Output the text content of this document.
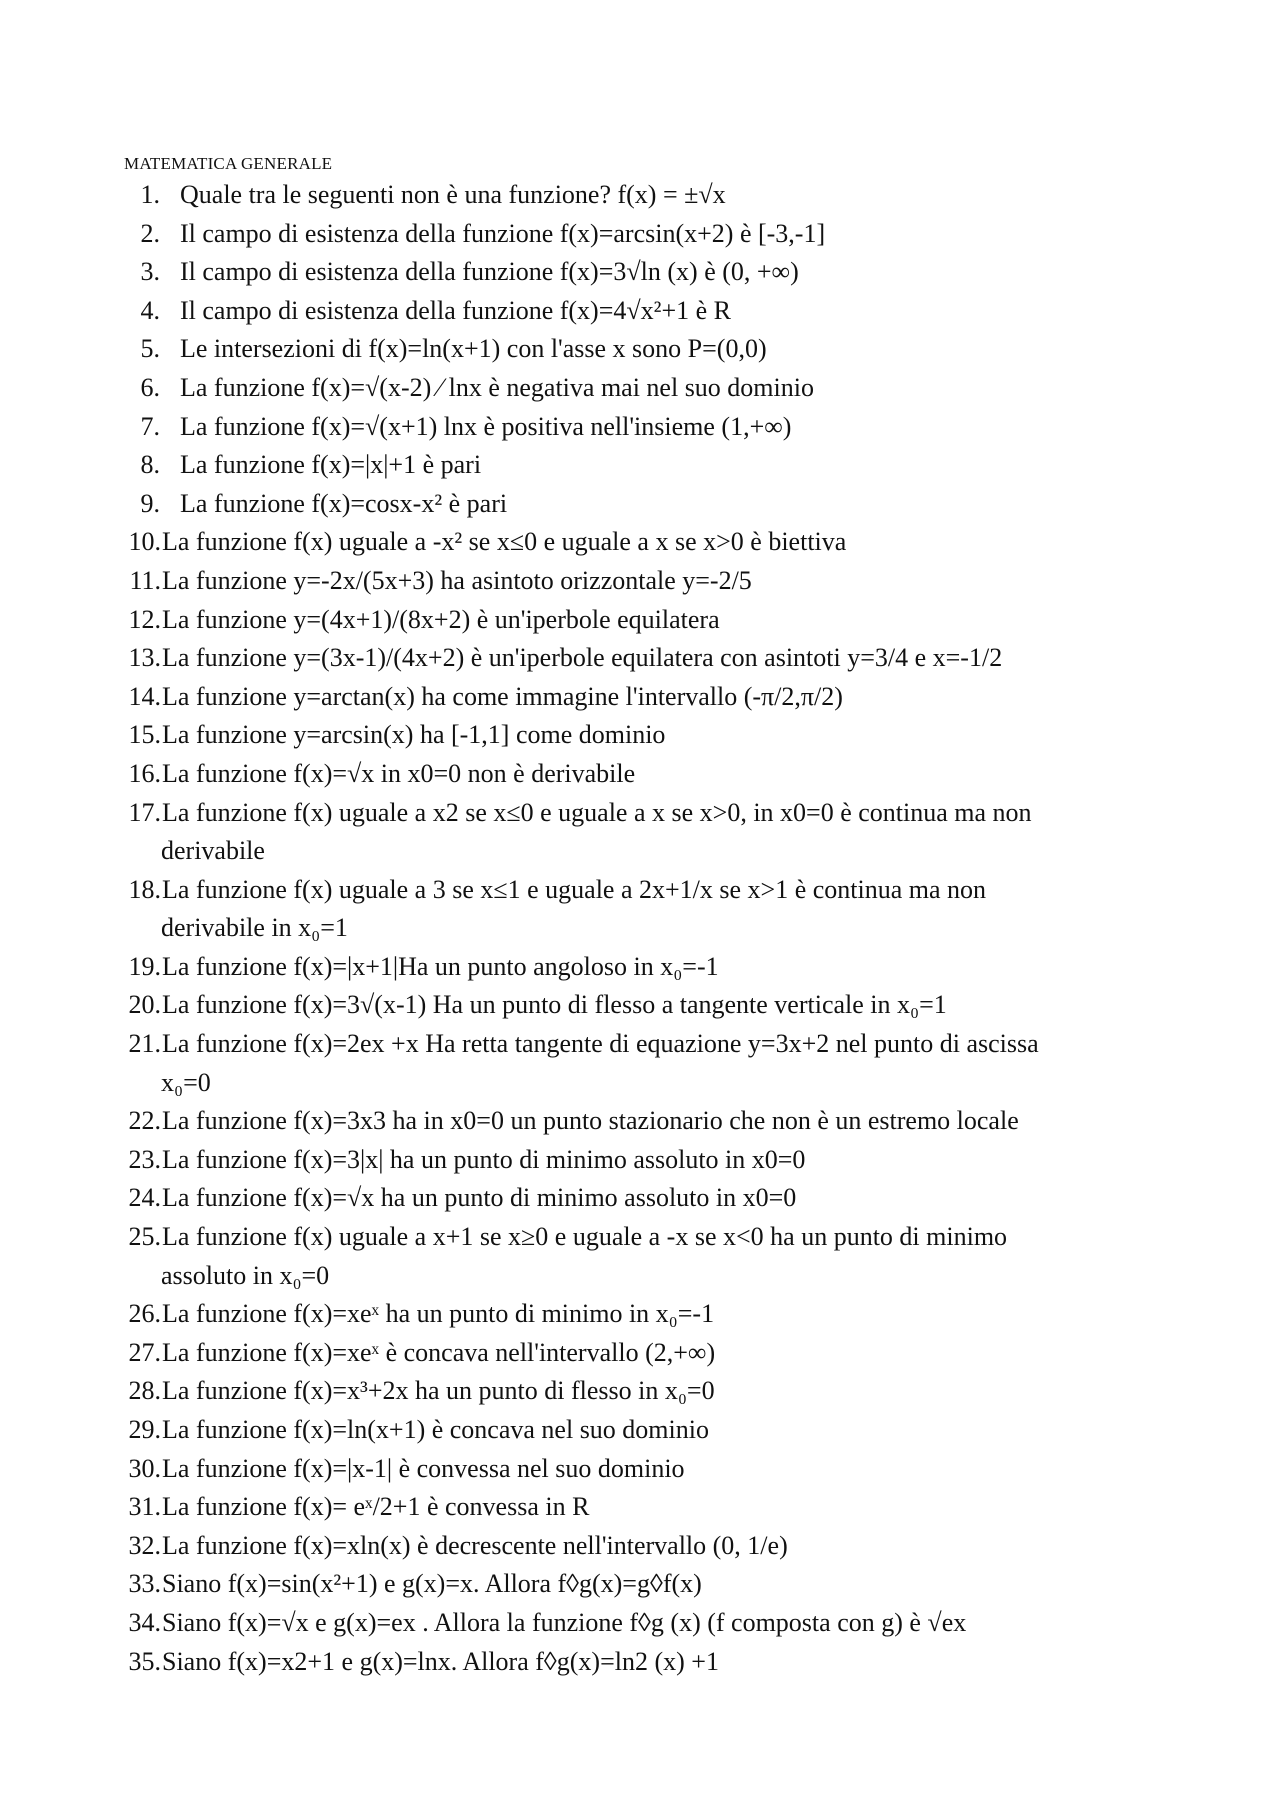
MATEMATICA GENERALE
1. Quale tra le seguenti non è una funzione? f(x) = ±√x
2. Il campo di esistenza della funzione f(x)=arcsin(x+2) è [-3,-1]
3. Il campo di esistenza della funzione f(x)=3√ln (x) è (0, +∞)
4. Il campo di esistenza della funzione f(x)=4√x²+1 è R
5. Le intersezioni di f(x)=ln(x+1) con l'asse x sono P=(0,0)
6. La funzione f(x)=√(x-2) ⁄ lnx è negativa mai nel suo dominio
7. La funzione f(x)=√(x+1) lnx è positiva nell'insieme (1,+∞)
8. La funzione f(x)=|x|+1 è pari
9. La funzione f(x)=cosx-x² è pari
10. La funzione f(x) uguale a -x² se x≤0 e uguale a x se x>0 è biettiva
11. La funzione y=-2x/(5x+3) ha asintoto orizzontale y=-2/5
12. La funzione y=(4x+1)/(8x+2) è un'iperbole equilatera
13. La funzione y=(3x-1)/(4x+2) è un'iperbole equilatera con asintoti y=3/4 e x=-1/2
14. La funzione y=arctan(x) ha come immagine l'intervallo (-π/2,π/2)
15. La funzione y=arcsin(x) ha [-1,1] come dominio
16. La funzione f(x)=√x in x0=0 non è derivabile
17. La funzione f(x) uguale a x2 se x≤0 e uguale a x se x>0, in x0=0 è continua ma non
derivabile
18. La funzione f(x) uguale a 3 se x≤1 e uguale a 2x+1/x se x>1 è continua ma non
derivabile in x₀=1
19. La funzione f(x)=|x+1|Ha un punto angoloso in x₀=-1
20. La funzione f(x)=3√(x-1) Ha un punto di flesso a tangente verticale in x₀=1
21. La funzione f(x)=2ex +x Ha retta tangente di equazione y=3x+2 nel punto di ascissa
x₀=0
22. La funzione f(x)=3x3 ha in x0=0 un punto stazionario che non è un estremo locale
23. La funzione f(x)=3|x| ha un punto di minimo assoluto in x0=0
24. La funzione f(x)=√x ha un punto di minimo assoluto in x0=0
25. La funzione f(x) uguale a x+1 se x≥0 e uguale a -x se x<0 ha un punto di minimo
assoluto in x₀=0
26. La funzione f(x)=xeˣ ha un punto di minimo in x₀=-1
27. La funzione f(x)=xeˣ è concava nell'intervallo (2,+∞)
28. La funzione f(x)=x³+2x ha un punto di flesso in x₀=0
29. La funzione f(x)=ln(x+1) è concava nel suo dominio
30. La funzione f(x)=|x-1| è convessa nel suo dominio
31. La funzione f(x)= eˣ/2+1 è convessa in R
32. La funzione f(x)=xln(x) è decrescente nell'intervallo (0, 1/e)
33. Siano f(x)=sin(x²+1) e g(x)=x. Allora f◊g(x)=g◊f(x)
34. Siano f(x)=√x e g(x)=ex . Allora la funzione f◊g (x) (f composta con g) è √ex
35. Siano f(x)=x2+1 e g(x)=lnx. Allora f◊g(x)=ln2 (x) +1
